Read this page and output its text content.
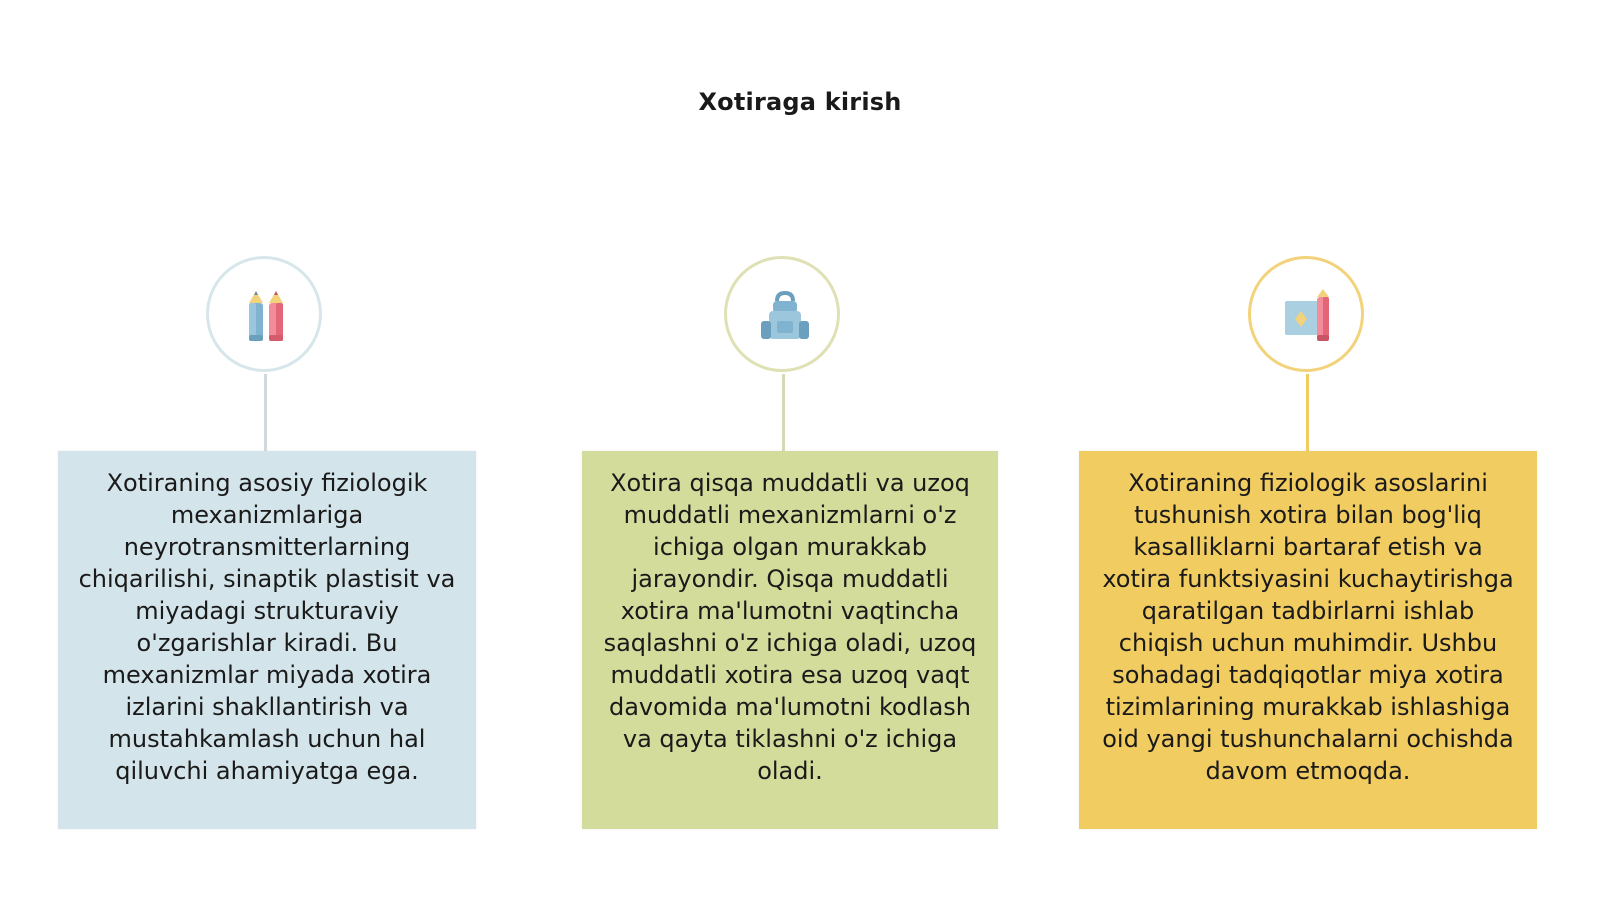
Xotiraga kirish
Xotiraning asosiy fiziologik mexanizmlariga neyrotransmitterlarning chiqarilishi, sinaptik plastisit va miyadagi strukturaviy o'zgarishlar kiradi. Bu mexanizmlar miyada xotira izlarini shakllantirish va mustahkamlash uchun hal qiluvchi ahamiyatga ega.
Xotira qisqa muddatli va uzoq muddatli mexanizmlarni o'z ichiga olgan murakkab jarayondir. Qisqa muddatli xotira ma'lumotni vaqtincha saqlashni o'z ichiga oladi, uzoq muddatli xotira esa uzoq vaqt davomida ma'lumotni kodlash va qayta tiklashni o'z ichiga oladi.
Xotiraning fiziologik asoslarini tushunish xotira bilan bog'liq kasalliklarni bartaraf etish va xotira funktsiyasini kuchaytirishga qaratilgan tadbirlarni ishlab chiqish uchun muhimdir. Ushbu sohadagi tadqiqotlar miya xotira tizimlarining murakkab ishlashiga oid yangi tushunchalarni ochishda davom etmoqda.
